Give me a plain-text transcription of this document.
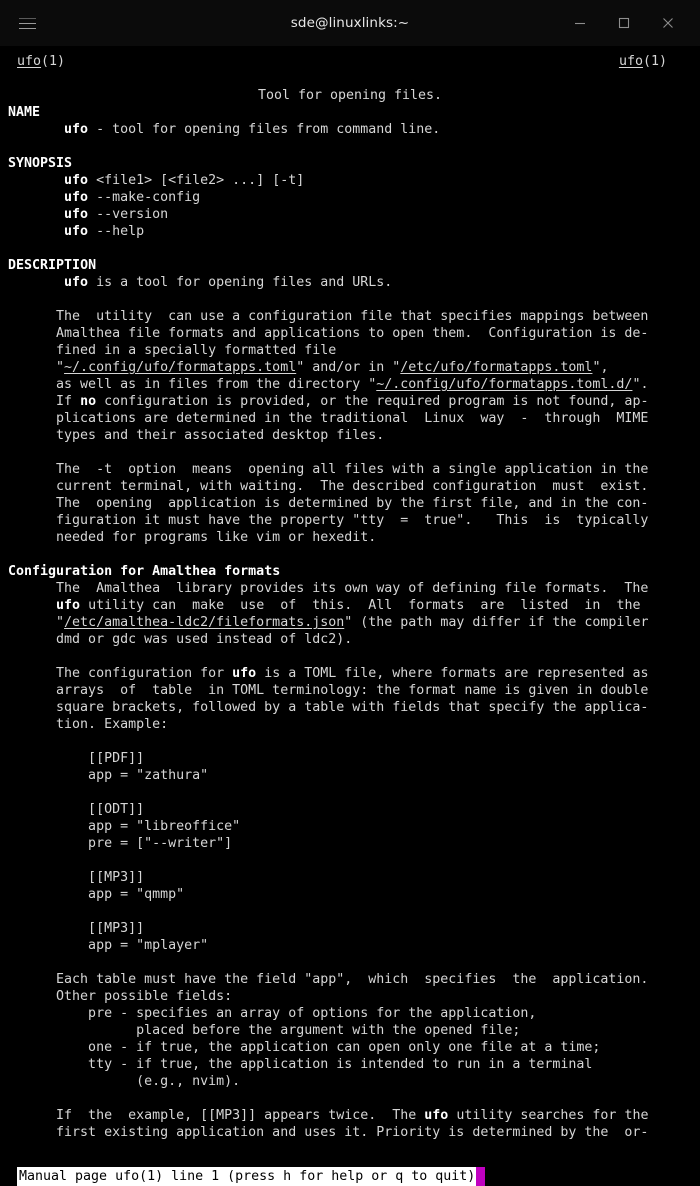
sde@linuxlinks:~

ufo(1)

Tool for opening files.

ufo(1)

NAME
ufo - tool for opening files from command line.

SYNOPSIS
ufo <file1> [<file2> ...] [-t]
ufo --make-config
ufo --version
ufo --help

DESCRIPTION
ufo is a tool for opening files and URLs.

The  utility  can use a configuration file that specifies mappings between
Amalthea file formats and applications to open them.  Configuration is de-
fined in a specially formatted file
"~/.config/ufo/formatapps.toml" and/or in "/etc/ufo/formatapps.toml",
as well as in files from the directory "~/.config/ufo/formatapps.toml.d/".
If no configuration is provided, or the required program is not found, ap-
plications are determined in the traditional  Linux  way  -  through  MIME
types and their associated desktop files.

The  -t  option  means  opening all files with a single application in the
current terminal, with waiting.  The described configuration  must  exist.
The  opening  application is determined by the first file, and in the con-
figuration it must have the property "tty  =  true".   This  is  typically
needed for programs like vim or hexedit.

Configuration for Amalthea formats
The  Amalthea  library provides its own way of defining file formats.  The
ufo utility can  make  use  of  this.  All  formats  are  listed  in  the
"/etc/amalthea-ldc2/fileformats.json" (the path may differ if the compiler
dmd or gdc was used instead of ldc2).

The configuration for ufo is a TOML file, where formats are represented as
arrays  of  table  in TOML terminology: the format name is given in double
square brackets, followed by a table with fields that specify the applica-
tion. Example:

[[PDF]]
app = "zathura"

[[ODT]]
app = "libreoffice"
pre = ["--writer"]

[[MP3]]
app = "qmmp"

[[MP3]]
app = "mplayer"

Each table must have the field "app",  which  specifies  the  application.
Other possible fields:
pre - specifies an array of options for the application,
placed before the argument with the opened file;
one - if true, the application can open only one file at a time;
tty - if true, the application is intended to run in a terminal
(e.g., nvim).

If  the  example, [[MP3]] appears twice.  The ufo utility searches for the
first existing application and uses it. Priority is determined by the  or-
Manual page ufo(1) line 1 (press h for help or q to quit)
